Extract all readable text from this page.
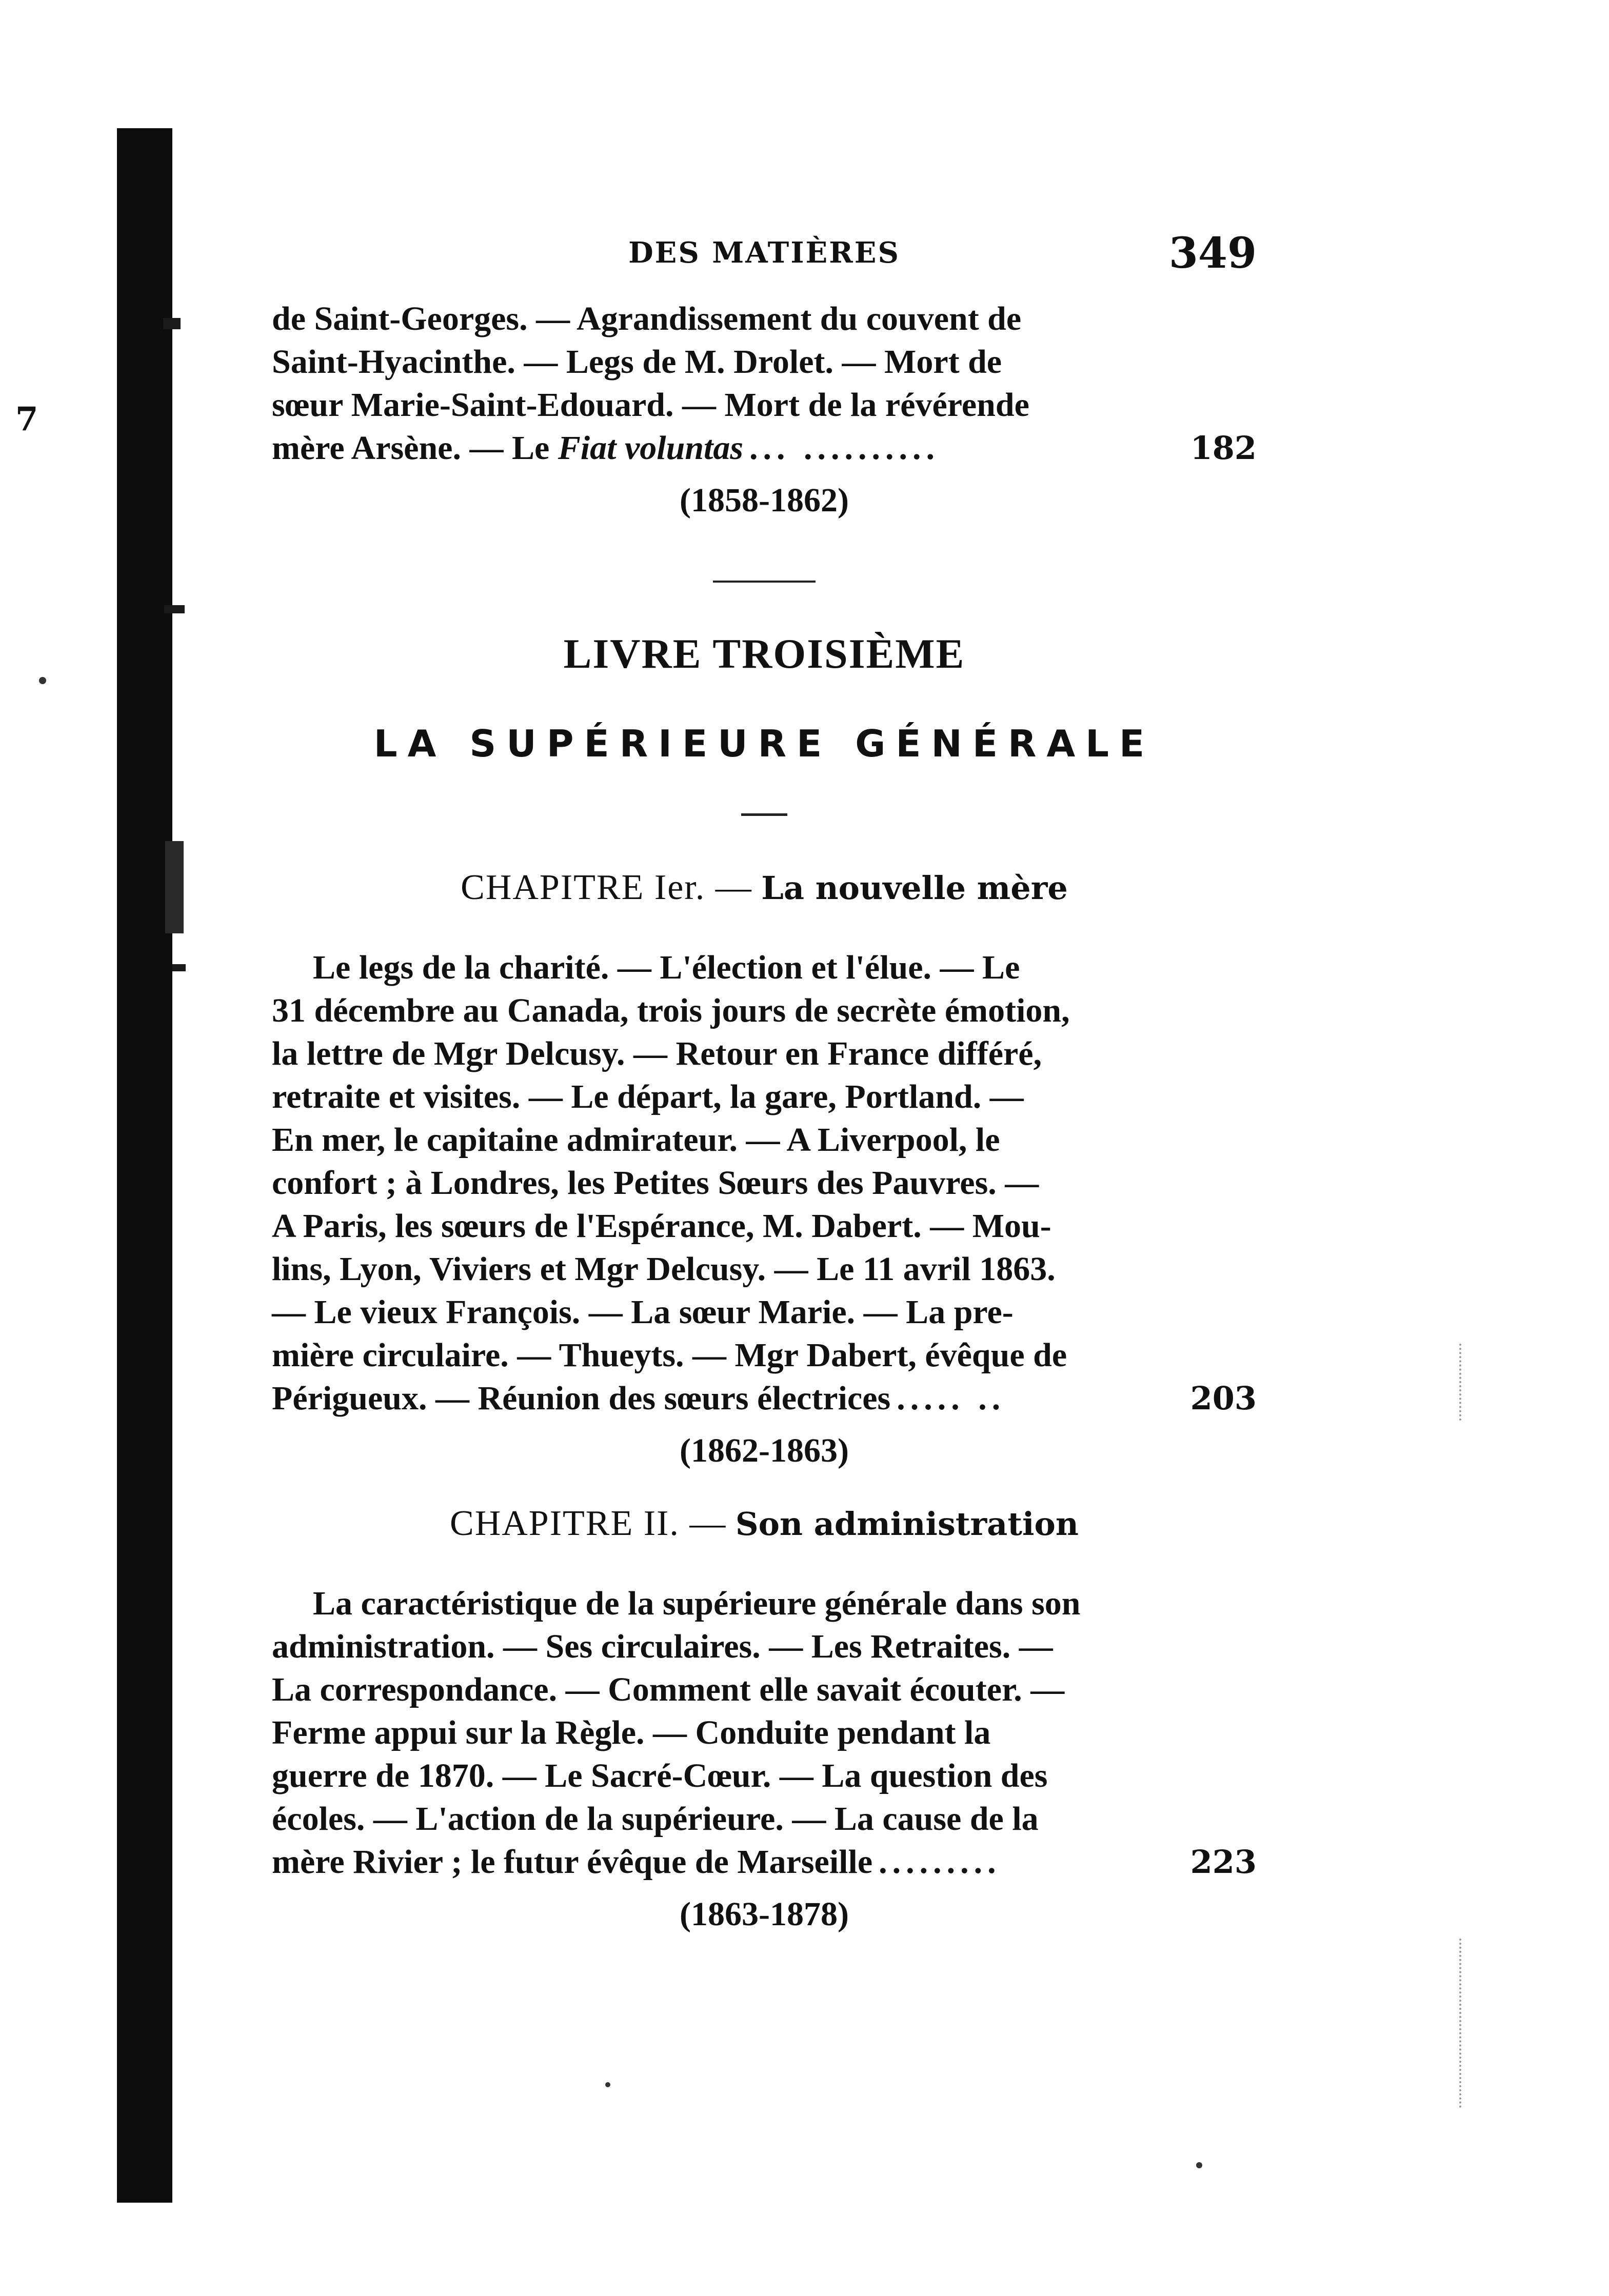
7
DES MATIÈRES	349
de Saint-Georges. — Agrandissement du couvent de
Saint-Hyacinthe. — Legs de M. Drolet. — Mort de
sœur Marie-Saint-Edouard. — Mort de la révérende
mère Arsène. — Le Fiat voluntas ... ..........	182
(1858-1862)
LIVRE TROISIÈME
LA SUPÉRIEURE GÉNÉRALE
CHAPITRE Ier. — La nouvelle mère
Le legs de la charité. — L'élection et l'élue. — Le
31 décembre au Canada, trois jours de secrète émotion,
la lettre de Mgr Delcusy. — Retour en France différé,
retraite et visites. — Le départ, la gare, Portland. —
En mer, le capitaine admirateur. — A Liverpool, le
confort ; à Londres, les Petites Sœurs des Pauvres. —
A Paris, les sœurs de l'Espérance, M. Dabert. — Mou-
lins, Lyon, Viviers et Mgr Delcusy. — Le 11 avril 1863.
— Le vieux François. — La sœur Marie. — La pre-
mière circulaire. — Thueyts. — Mgr Dabert, évêque de
Périgueux. — Réunion des sœurs électrices ..... ..	203
(1862-1863)
CHAPITRE II. — Son administration
La caractéristique de la supérieure générale dans son
administration. — Ses circulaires. — Les Retraites. —
La correspondance. — Comment elle savait écouter. —
Ferme appui sur la Règle. — Conduite pendant la
guerre de 1870. — Le Sacré-Cœur. — La question des
écoles. — L'action de la supérieure. — La cause de la
mère Rivier ; le futur évêque de Marseille .........	223
(1863-1878)
